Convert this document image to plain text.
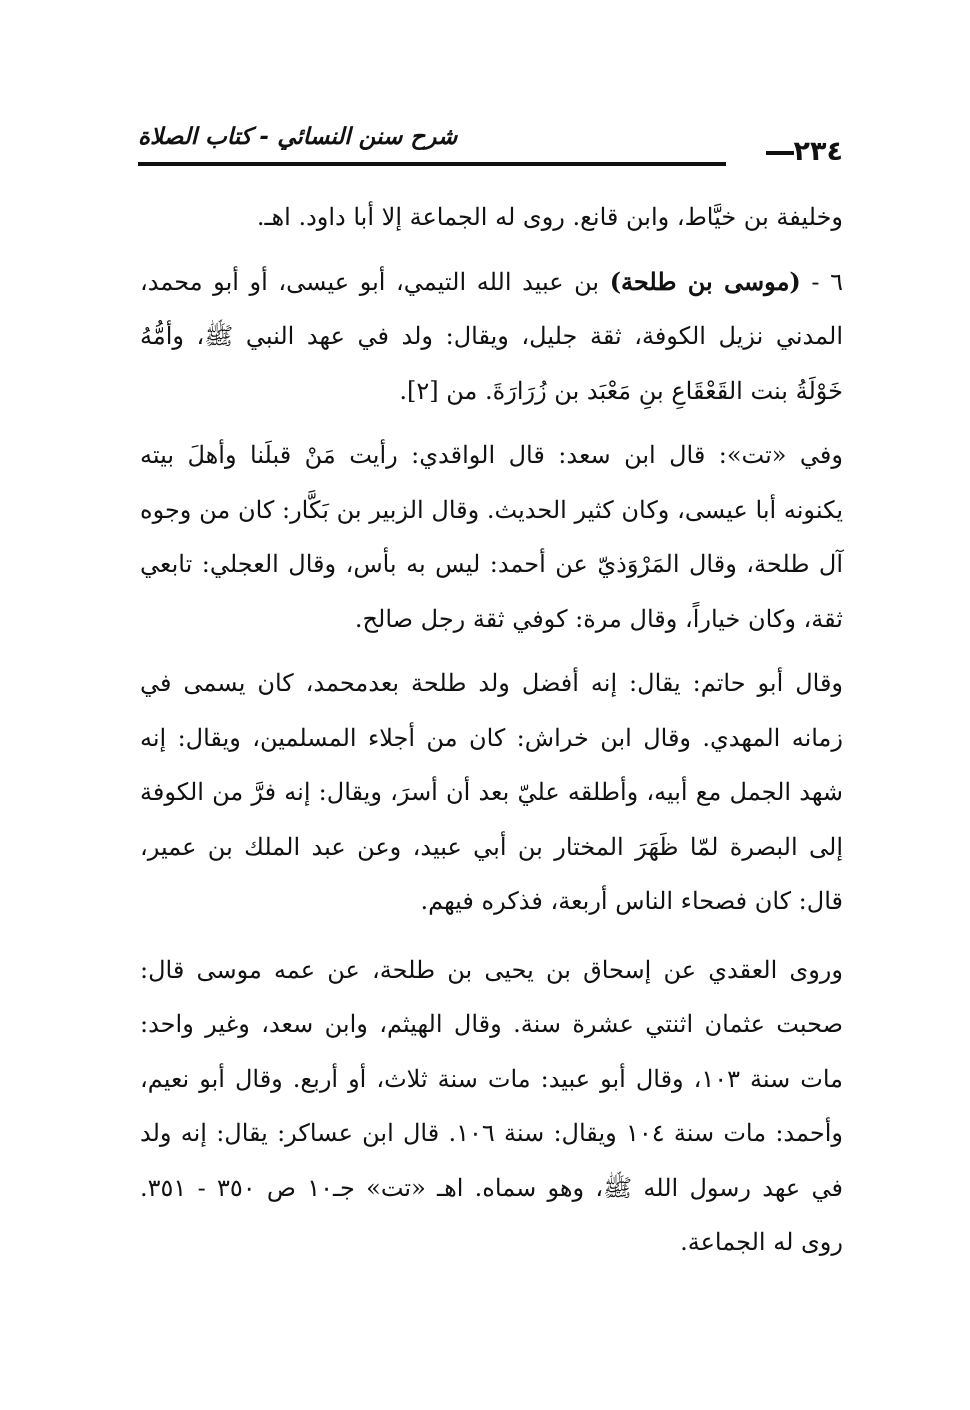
٢٣٤
شرح سنن النسائي - كتاب الصلاة

وخليفة بن خيَّاط، وابن قانع. روى له الجماعة إلا أبا داود. اهـ.

٦ - (موسى بن طلحة) بن عبيد الله التيمي، أبو عيسى، أو أبو محمد، المدني نزيل الكوفة، ثقة جليل، ويقال: ولد في عهد النبي ﷺ، وأمُّهُ خَوْلَةُ بنت القَعْقَاعِ بنِ مَعْبَد بن زُرَارَةَ. من [٢].

وفي «تت»: قال ابن سعد: قال الواقدي: رأيت مَنْ قبلَنا وأهلَ بيته يكنونه أبا عيسى، وكان كثير الحديث. وقال الزبير بن بَكَّار: كان من وجوه آل طلحة، وقال المَرْوَذيّ عن أحمد: ليس به بأس، وقال العجلي: تابعي ثقة، وكان خياراً، وقال مرة: كوفي ثقة رجل صالح.

وقال أبو حاتم: يقال: إنه أفضل ولد طلحة بعدمحمد، كان يسمى في زمانه المهدي. وقال ابن خراش: كان من أجلاء المسلمين، ويقال: إنه شهد الجمل مع أبيه، وأطلقه عليّ بعد أن أسرَ، ويقال: إنه فرَّ من الكوفة إلى البصرة لمّا ظَهَرَ المختار بن أبي عبيد، وعن عبد الملك بن عمير، قال: كان فصحاء الناس أربعة، فذكره فيهم.

وروى العقدي عن إسحاق بن يحيى بن طلحة، عن عمه موسى قال: صحبت عثمان اثنتي عشرة سنة. وقال الهيثم، وابن سعد، وغير واحد: مات سنة ١٠٣، وقال أبو عبيد: مات سنة ثلاث، أو أربع. وقال أبو نعيم، وأحمد: مات سنة ١٠٤ ويقال: سنة ١٠٦. قال ابن عساكر: يقال: إنه ولد في عهد رسول الله ﷺ، وهو سماه. اهـ «تت» جـ١٠ ص ٣٥٠ - ٣٥١. روى له الجماعة.
